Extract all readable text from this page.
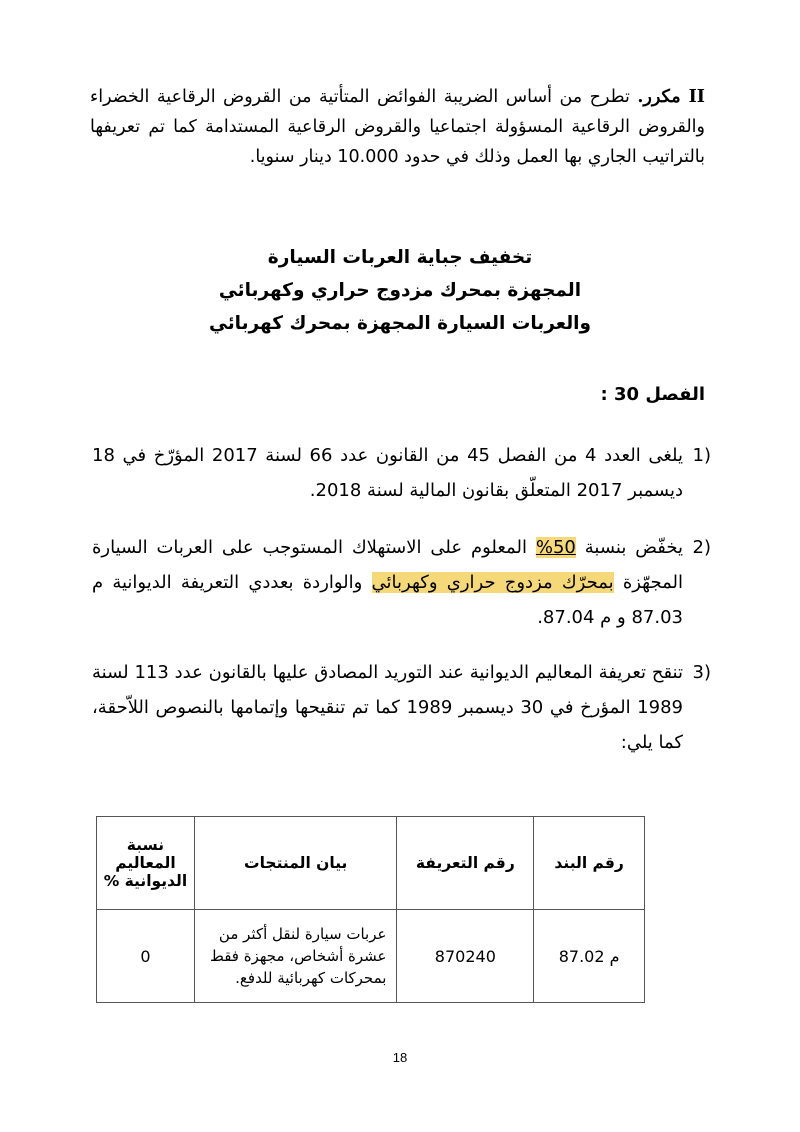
II مكرر. تطرح من أساس الضريبة الفوائض المتأتية من القروض الرقاعية الخضراء والقروض الرقاعية المسؤولة اجتماعيا والقروض الرقاعية المستدامة كما تم تعريفها بالتراتيب الجاري بها العمل وذلك في حدود 10.000 دينار سنويا.

تخفيف جباية العربات السيارة
المجهزة بمحرك مزدوج حراري وكهربائي
والعربات السيارة المجهزة بمحرك كهربائي
الفصل 30 :
1)
يلغى العدد 4 من الفصل 45 من القانون عدد 66 لسنة 2017 المؤرّخ في 18 ديسمبر 2017 المتعلّق بقانون المالية لسنة 2018.
2)
يخفّض بنسبة 50% المعلوم على الاستهلاك المستوجب على العربات السيارة المجهّزة بمحرّك مزدوج حراري وكهربائي والواردة بعددي التعريفة الديوانية م 87.03 و م 87.04.
3)
تنقح تعريفة المعاليم الديوانية عند التوريد المصادق عليها بالقانون عدد 113 لسنة 1989 المؤرخ في 30 ديسمبر 1989 كما تم تنقيحها وإتمامها بالنصوص اللاّحقة، كما يلي:
رقم البند	رقم التعريفة	بيان المنتجات	نسبة المعاليم الديوانية %
م 87.02	870240	عربات سيارة لنقل أكثر من عشرة أشخاص، مجهزة فقط بمحركات كهربائية للدفع.	0
18
